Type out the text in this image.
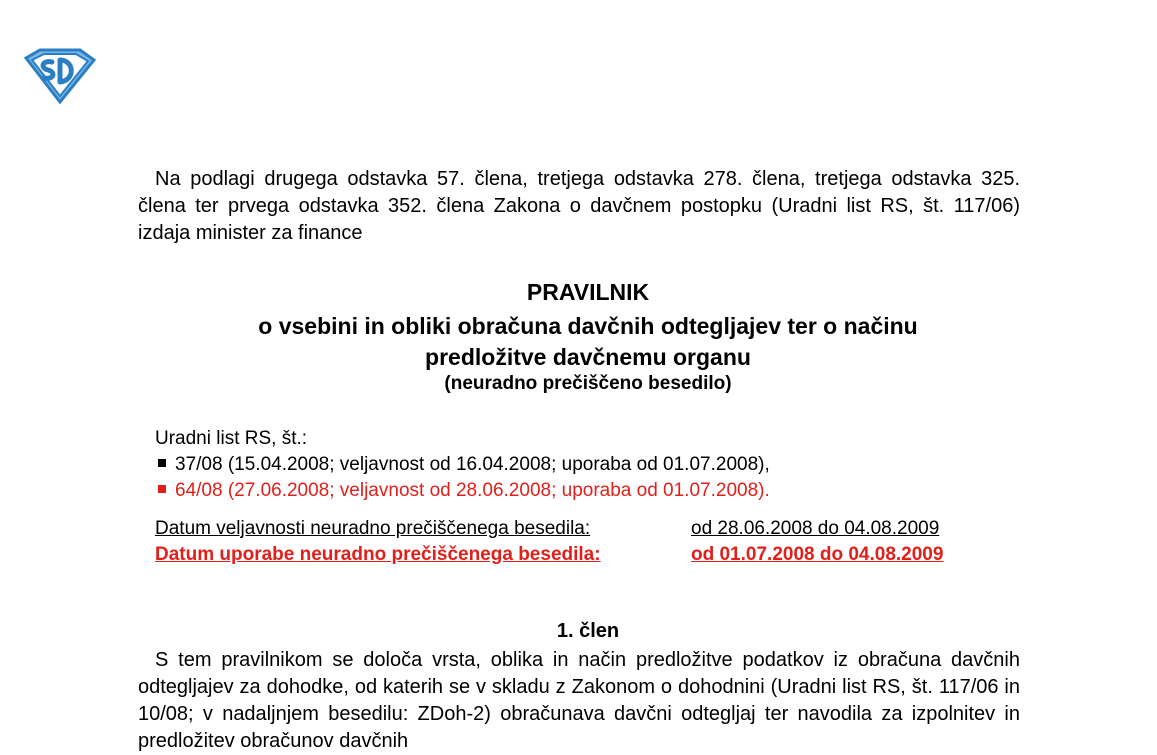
Na podlagi drugega odstavka 57. člena, tretjega odstavka 278. člena, tretjega odstavka 325. člena ter prvega odstavka 352. člena Zakona o davčnem postopku (Uradni list RS, št. 117/06) izdaja minister za finance

PRAVILNIK
o vsebini in obliki obračuna davčnih odtegljajev ter o načinu
predložitve davčnemu organu
(neuradno prečiščeno besedilo)
Uradni list RS, št.:
37/08 (15.04.2008; veljavnost od 16.04.2008; uporaba od 01.07.2008),
64/08 (27.06.2008; veljavnost od 28.06.2008; uporaba od 01.07.2008).
Datum veljavnosti neuradno prečiščenega besedila:	od 28.06.2008 do 04.08.2009
Datum uporabe neuradno prečiščenega besedila:	od 01.07.2008 do 04.08.2009
1. člen

S tem pravilnikom se določa vrsta, oblika in način predložitve podatkov iz obračuna davčnih odtegljajev za dohodke, od katerih se v skladu z Zakonom o dohodnini (Uradni list RS, št. 117/06 in 10/08; v nadaljnjem besedilu: ZDoh-2) obračunava davčni odtegljaj ter navodila za izpolnitev in predložitev obračunov davčnih
